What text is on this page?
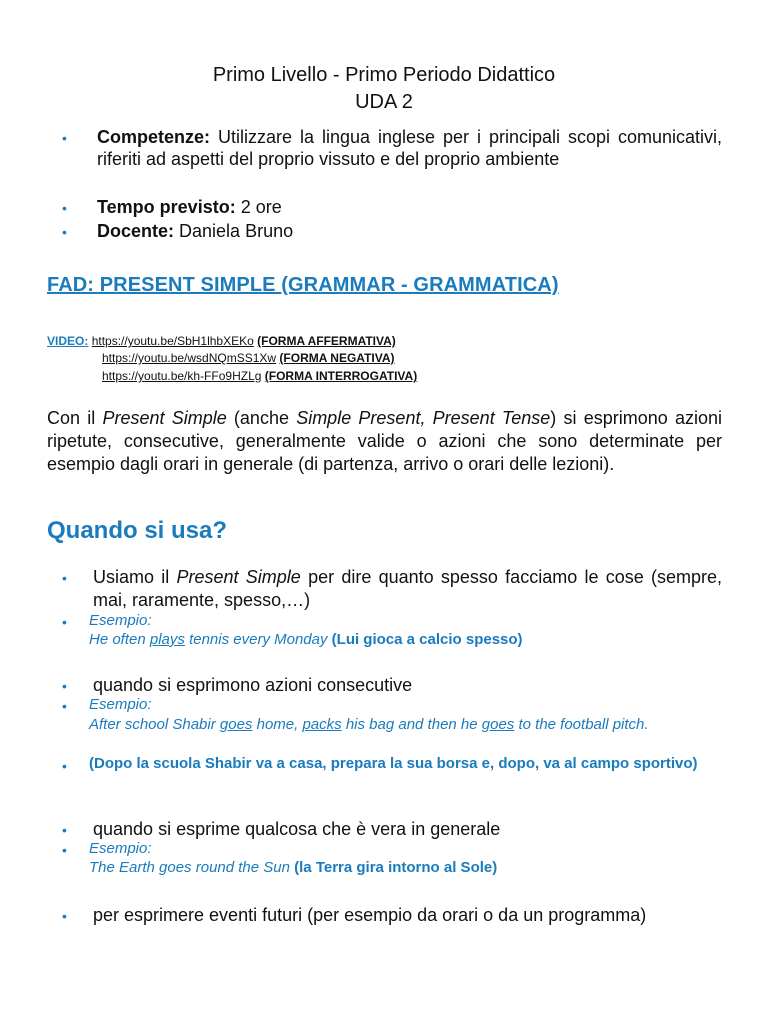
Primo Livello - Primo Periodo Didattico
UDA 2
• Competenze: Utilizzare la lingua inglese per i principali scopi comunicativi, riferiti ad aspetti del proprio vissuto e del proprio ambiente
• Tempo previsto: 2 ore
• Docente: Daniela Bruno
FAD: PRESENT SIMPLE (GRAMMAR - GRAMMATICA)
VIDEO: https://youtu.be/SbH1lhbXEKo (FORMA AFFERMATIVA)
https://youtu.be/wsdNQmSS1Xw (FORMA NEGATIVA)
https://youtu.be/kh-FFo9HZLg (FORMA INTERROGATIVA)
Con il Present Simple (anche Simple Present, Present Tense) si esprimono azioni ripetute, consecutive, generalmente valide o azioni che sono determinate per esempio dagli orari in generale (di partenza, arrivo o orari delle lezioni).
Quando si usa?
• Usiamo il Present Simple per dire quanto spesso facciamo le cose (sempre, mai, raramente, spesso,…)
• Esempio:
He often plays tennis every Monday (Lui gioca a calcio spesso)
• quando si esprimono azioni consecutive
• Esempio:
After school Shabir goes home, packs his bag and then he goes to the football pitch.
• (Dopo la scuola Shabir va a casa, prepara la sua borsa e, dopo, va al campo sportivo)
• quando si esprime qualcosa che è vera in generale
• Esempio:
The Earth goes round the Sun (la Terra gira intorno al Sole)
• per esprimere eventi futuri (per esempio da orari o da un programma)
